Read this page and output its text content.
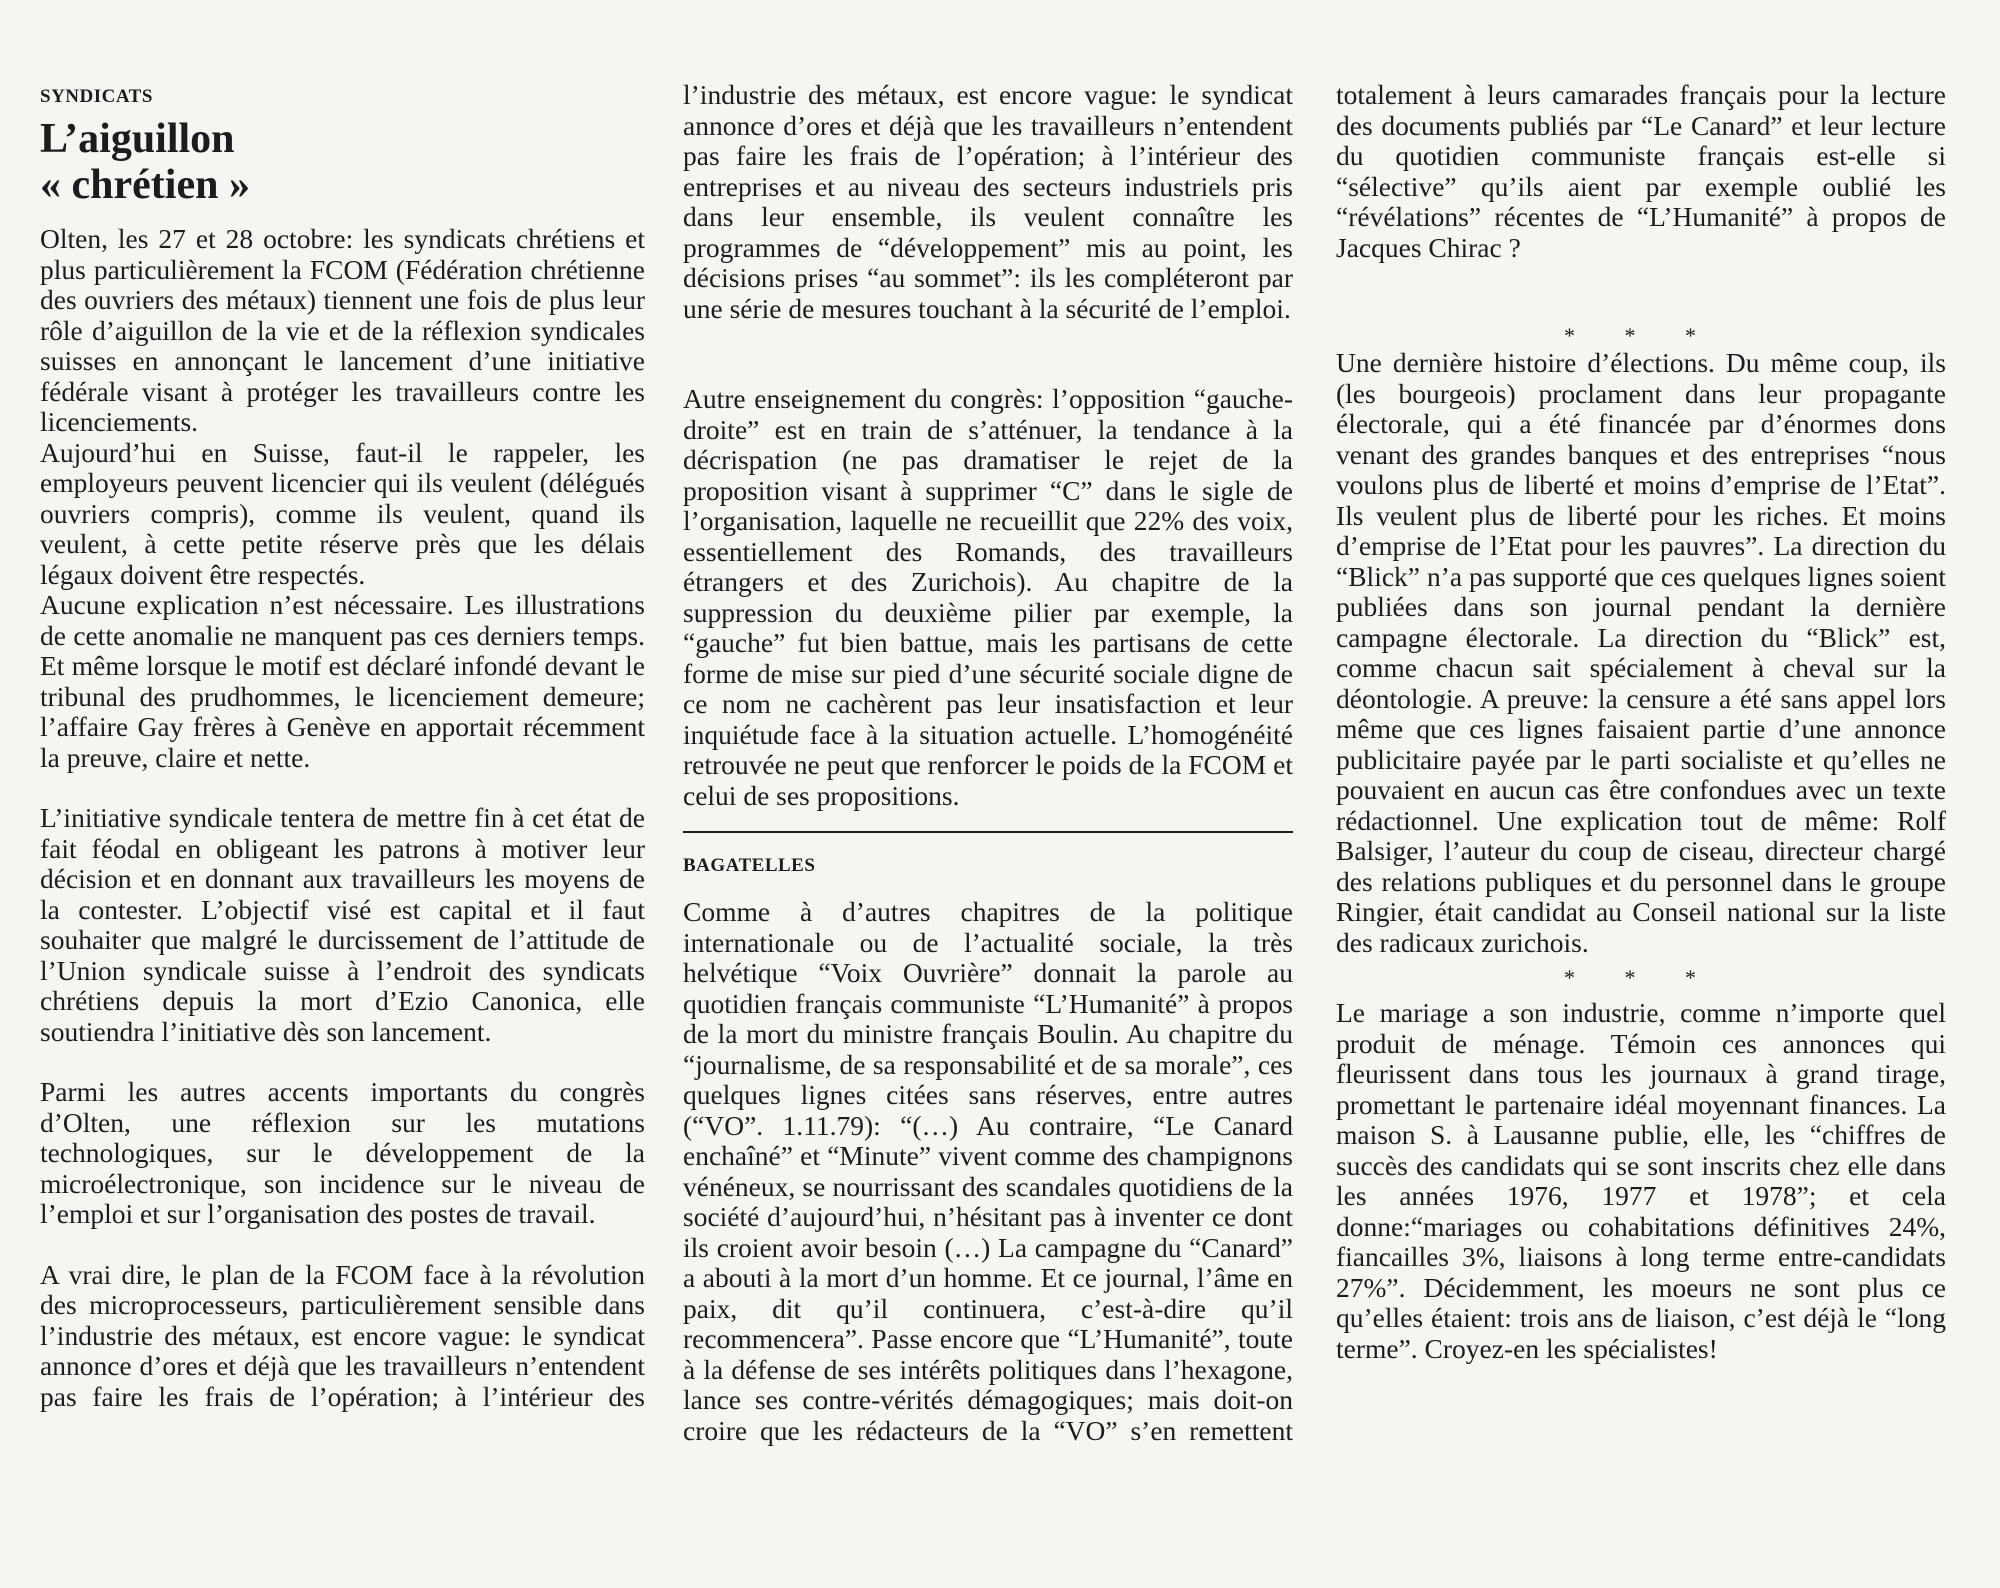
SYNDICATS
L’aiguillon
« chrétien »

Olten, les 27 et 28 octobre: les syndicats chrétiens et plus particulièrement la FCOM (Fédération chrétienne des ouvriers des métaux) tiennent une fois de plus leur rôle d’aiguillon de la vie et de la réflexion syndicales suisses en annonçant le lancement d’une initiative fédérale visant à protéger les travailleurs contre les licenciements.

Aujourd’hui en Suisse, faut-il le rappeler, les employeurs peuvent licencier qui ils veulent (délégués ouvriers compris), comme ils veulent, quand ils veulent, à cette petite réserve près que les délais légaux doivent être respectés.

Aucune explication n’est nécessaire. Les illustrations de cette anomalie ne manquent pas ces derniers temps. Et même lorsque le motif est déclaré infondé devant le tribunal des prudhommes, le licenciement demeure; l’affaire Gay frères à Genève en apportait récemment la preuve, claire et nette.

L’initiative syndicale tentera de mettre fin à cet état de fait féodal en obligeant les patrons à motiver leur décision et en donnant aux travailleurs les moyens de la contester. L’objectif visé est capital et il faut souhaiter que malgré le durcissement de l’attitude de l’Union syndicale suisse à l’endroit des syndicats chrétiens depuis la mort d’Ezio Canonica, elle soutiendra l’initiative dès son lancement.

Parmi les autres accents importants du congrès d’Olten, une réflexion sur les mutations technologiques, sur le développement de la microélectronique, son incidence sur le niveau de l’emploi et sur l’organisation des postes de travail.

A vrai dire, le plan de la FCOM face à la révolution des microprocesseurs, particulièrement sensible dans l’industrie des métaux, est encore vague: le syndicat annonce d’ores et déjà que les travailleurs n’entendent pas faire les frais de l’opération; à l’intérieur des

l’industrie des métaux, est encore vague: le syndicat annonce d’ores et déjà que les travailleurs n’entendent pas faire les frais de l’opération; à l’intérieur des entreprises et au niveau des secteurs industriels pris dans leur ensemble, ils veulent connaître les programmes de “développement” mis au point, les décisions prises “au sommet”: ils les compléteront par une série de mesures touchant à la sécurité de l’emploi.

Autre enseignement du congrès: l’opposition “gauche-droite” est en train de s’atténuer, la tendance à la décrispation (ne pas dramatiser le rejet de la proposition visant à supprimer “C” dans le sigle de l’organisation, laquelle ne recueillit que 22% des voix, essentiellement des Romands, des travailleurs étrangers et des Zurichois). Au chapitre de la suppression du deuxième pilier par exemple, la “gauche” fut bien battue, mais les partisans de cette forme de mise sur pied d’une sécurité sociale digne de ce nom ne cachèrent pas leur insatisfaction et leur inquiétude face à la situation actuelle. L’homogénéité retrouvée ne peut que renforcer le poids de la FCOM et celui de ses propositions.

BAGATELLES

Comme à d’autres chapitres de la politique internationale ou de l’actualité sociale, la très helvétique “Voix Ouvrière” donnait la parole au quotidien français communiste “L’Humanité” à propos de la mort du ministre français Boulin. Au chapitre du “journalisme, de sa responsabilité et de sa morale”, ces quelques lignes citées sans réserves, entre autres (“VO”. 1.11.79): “(…) Au contraire, “Le Canard enchaîné” et “Minute” vivent comme des champignons vénéneux, se nourrissant des scandales quotidiens de la société d’aujourd’hui, n’hésitant pas à inventer ce dont ils croient avoir besoin (…) La campagne du “Canard” a abouti à la mort d’un homme. Et ce journal, l’âme en paix, dit qu’il continuera, c’est-à-dire qu’il recommencera”. Passe encore que “L’Humanité”, toute à la défense de ses intérêts politiques dans l’hexagone, lance ses contre-vérités démagogiques; mais doit-on croire que les rédacteurs de la “VO” s’en remettent

totalement à leurs camarades français pour la lecture des documents publiés par “Le Canard” et leur lecture du quotidien communiste français est-elle si “sélective” qu’ils aient par exemple oublié les “révélations” récentes de “L’Humanité” à propos de Jacques Chirac ?

* * *

Une dernière histoire d’élections. Du même coup, ils (les bourgeois) proclament dans leur propagante électorale, qui a été financée par d’énormes dons venant des grandes banques et des entreprises “nous voulons plus de liberté et moins d’emprise de l’Etat”. Ils veulent plus de liberté pour les riches. Et moins d’emprise de l’Etat pour les pauvres”. La direction du “Blick” n’a pas supporté que ces quelques lignes soient publiées dans son journal pendant la dernière campagne électorale. La direction du “Blick” est, comme chacun sait spécialement à cheval sur la déontologie. A preuve: la censure a été sans appel lors même que ces lignes faisaient partie d’une annonce publicitaire payée par le parti socialiste et qu’elles ne pouvaient en aucun cas être confondues avec un texte rédactionnel. Une explication tout de même: Rolf Balsiger, l’auteur du coup de ciseau, directeur chargé des relations publiques et du personnel dans le groupe Ringier, était candidat au Conseil national sur la liste des radicaux zurichois.

* * *

Le mariage a son industrie, comme n’importe quel produit de ménage. Témoin ces annonces qui fleurissent dans tous les journaux à grand tirage, promettant le partenaire idéal moyennant finances. La maison S. à Lausanne publie, elle, les “chiffres de succès des candidats qui se sont inscrits chez elle dans les années 1976, 1977 et 1978”; et cela donne:“mariages ou cohabitations définitives 24%, fiancailles 3%, liaisons à long terme entre-candidats 27%”. Décidemment, les moeurs ne sont plus ce qu’elles étaient: trois ans de liaison, c’est déjà le “long terme”. Croyez-en les spécialistes!
